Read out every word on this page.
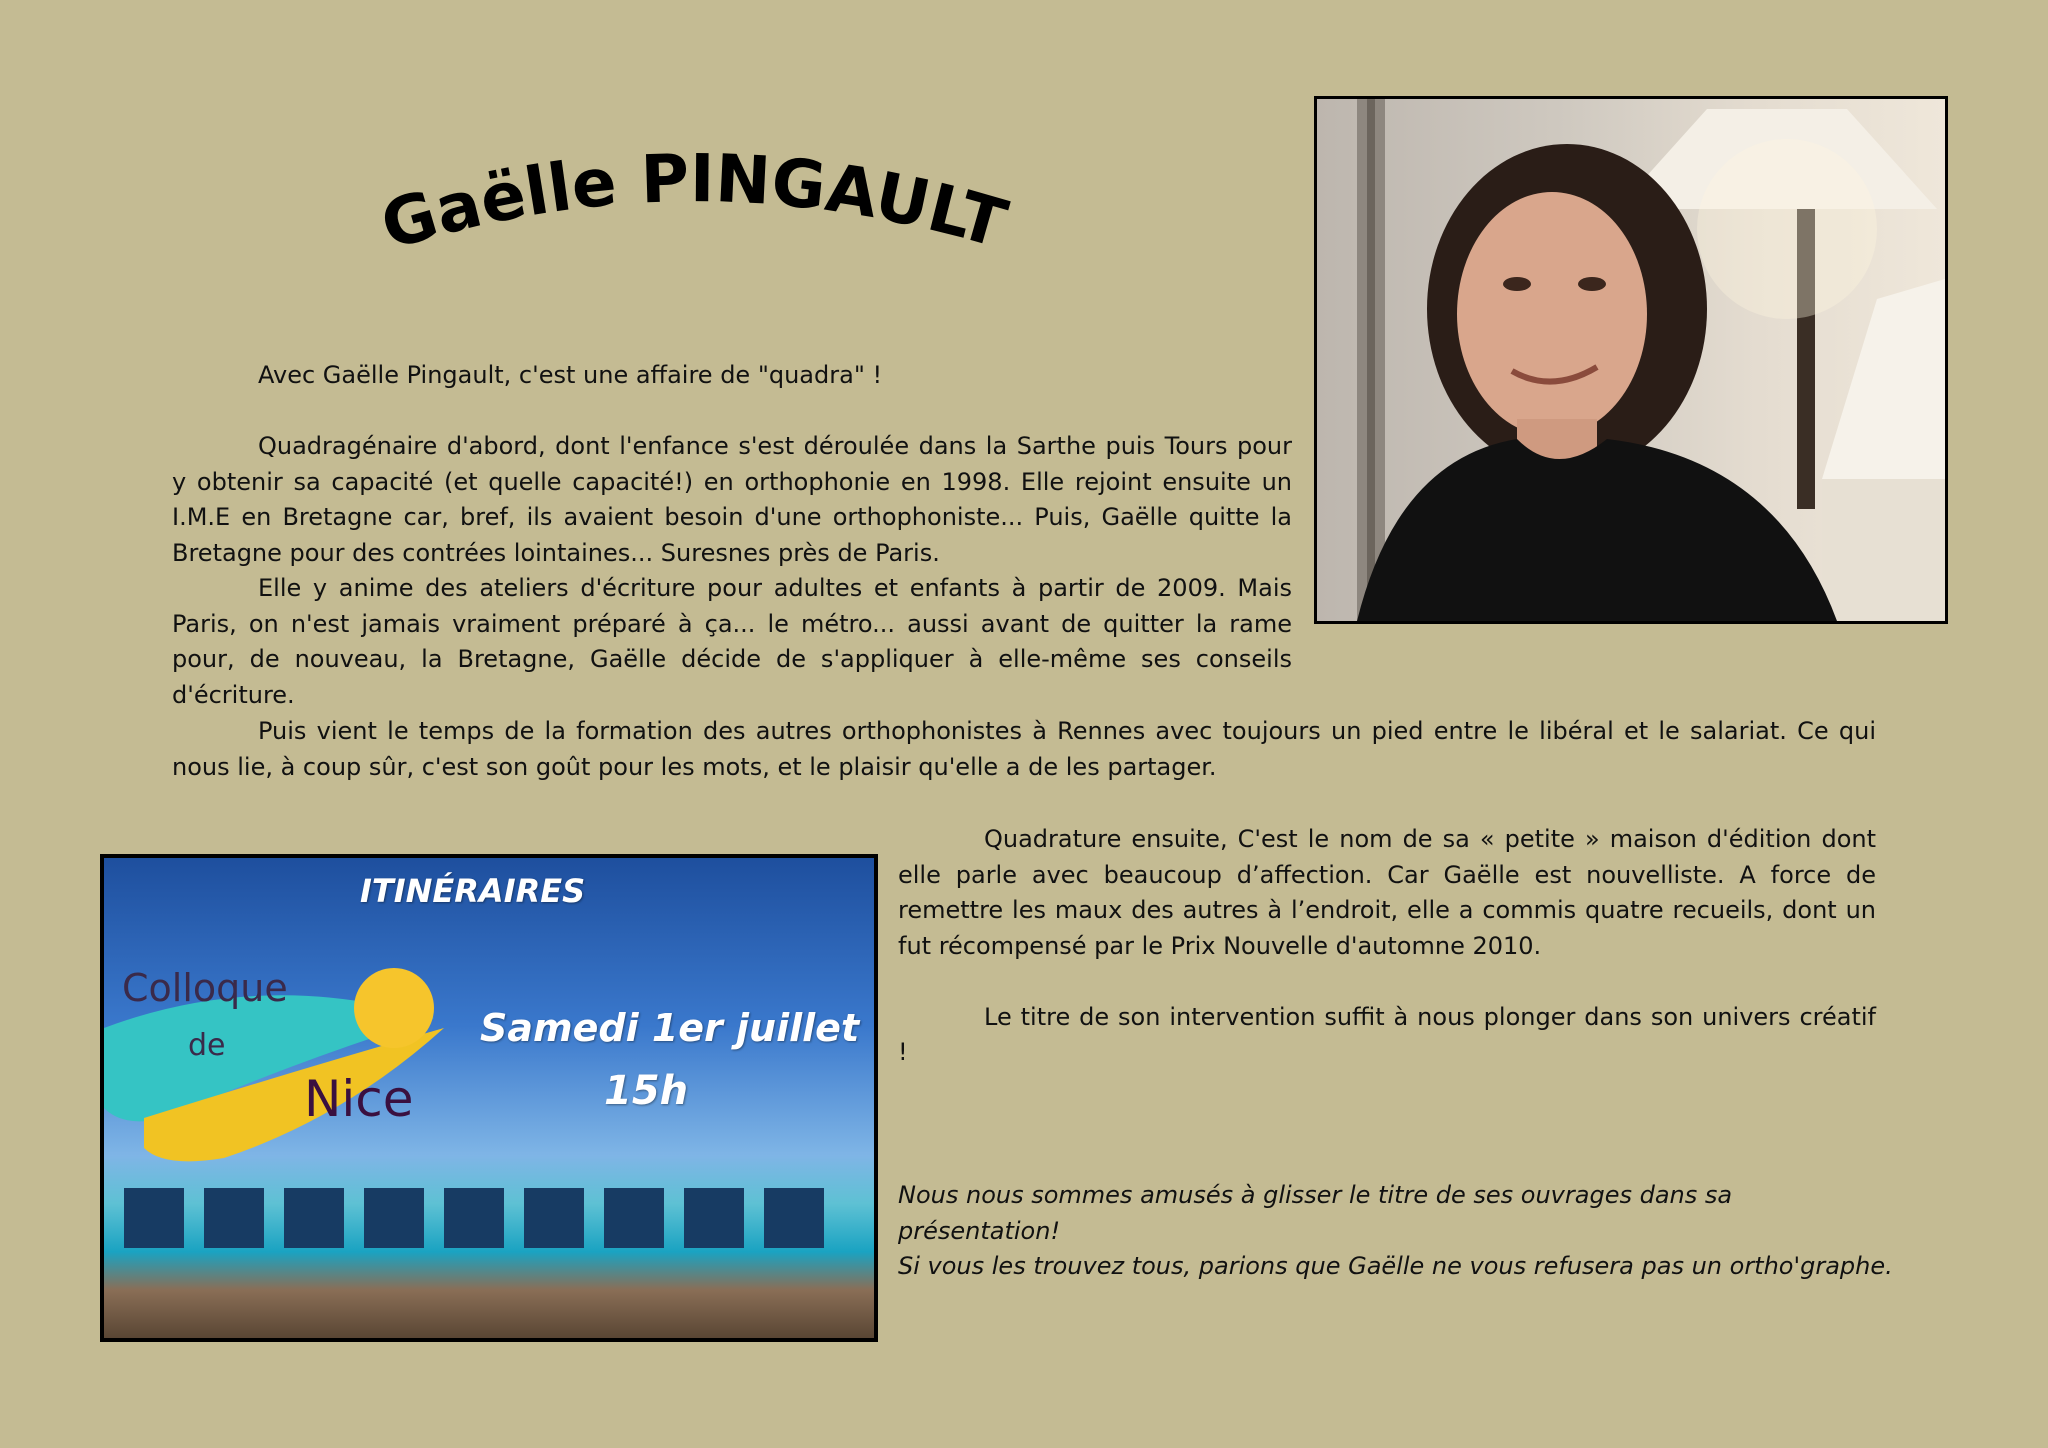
Gaëlle PINGAULT

Avec Gaëlle Pingault, c'est une affaire de "quadra" !

Quadragénaire d'abord, dont l'enfance s'est déroulée dans la Sarthe puis Tours pour y obtenir sa capacité (et quelle capacité!) en orthophonie en 1998. Elle rejoint ensuite un I.M.E en Bretagne car, bref, ils avaient besoin d'une orthophoniste... Puis, Gaëlle quitte la Bretagne pour des contrées lointaines... Suresnes près de Paris.

Elle y anime des ateliers d'écriture pour adultes et enfants à partir de 2009. Mais Paris, on n'est jamais vraiment préparé à ça... le métro... aussi avant de quitter la rame pour, de nouveau, la Bretagne, Gaëlle décide de s'appliquer à elle-même ses conseils d'écriture.

Puis vient le temps de la formation des autres orthophonistes à Rennes avec toujours un pied entre le libéral et le salariat. Ce qui nous lie, à coup sûr, c'est son goût pour les mots, et le plaisir qu'elle a de les partager.

Quadrature ensuite, C'est le nom de sa « petite » maison d'édition dont elle parle avec beaucoup d’affection. Car Gaëlle est nouvelliste. A force de remettre les maux des autres à l’endroit, elle a commis quatre recueils, dont un fut récompensé par le Prix Nouvelle d'automne 2010.

Le titre de son intervention suffit à nous plonger dans son univers créatif !

Nous nous sommes amusés à glisser le titre de ses ouvrages dans sa présentation!

Si vous les trouvez tous, parions que Gaëlle ne vous refusera pas un ortho'graphe.

ITINÉRAIRES
Colloque
de
Nice
Samedi 1er juillet
15h
